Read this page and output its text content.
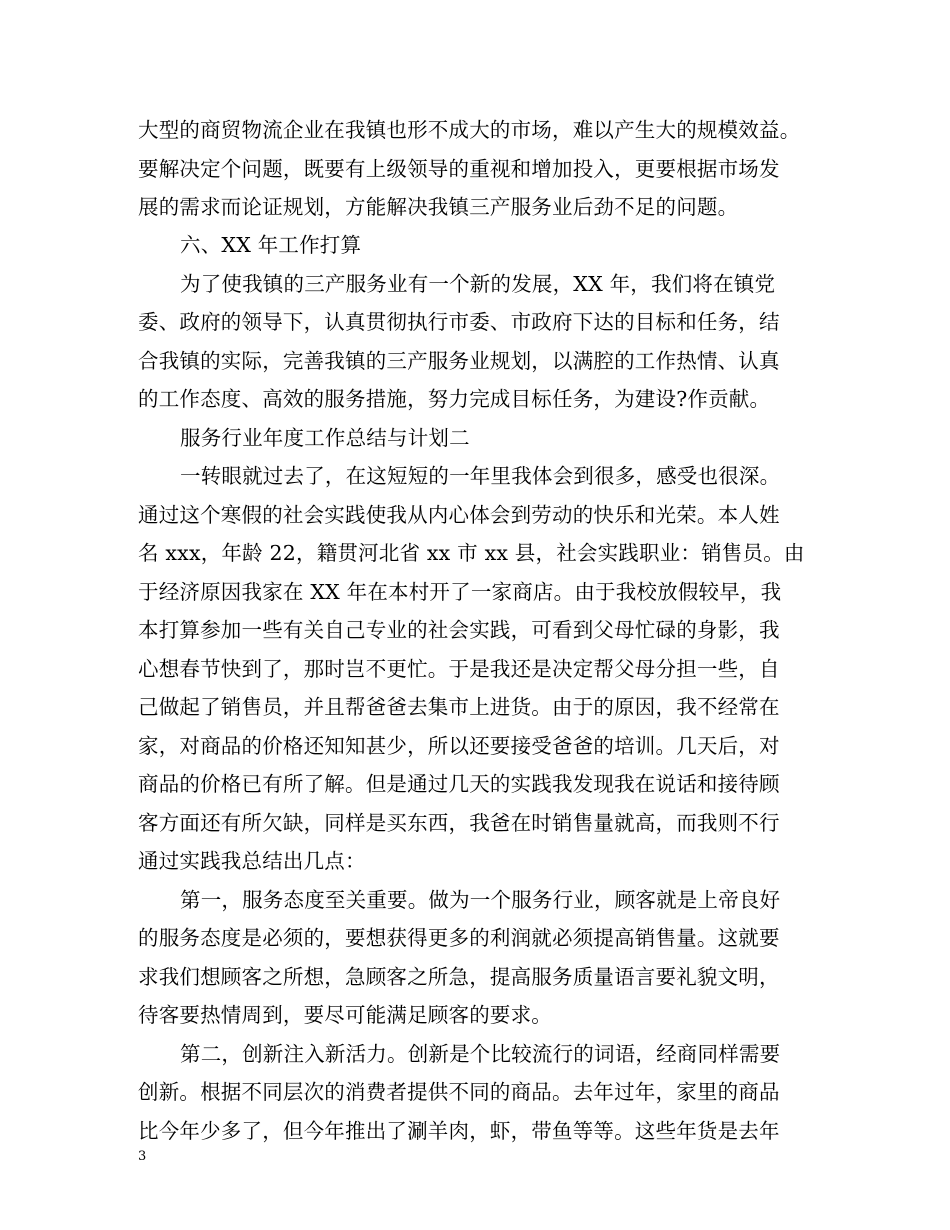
大型的商贸物流企业在我镇也形不成大的市场，难以产生大的规模效益。
要解决定个问题，既要有上级领导的重视和增加投入，更要根据市场发
展的需求而论证规划，方能解决我镇三产服务业后劲不足的问题。
六、XX 年工作打算
为了使我镇的三产服务业有一个新的发展，XX 年，我们将在镇党
委、政府的领导下，认真贯彻执行市委、市政府下达的目标和任务，结
合我镇的实际，完善我镇的三产服务业规划，以满腔的工作热情、认真
的工作态度、高效的服务措施，努力完成目标任务，为建设?作贡献。
服务行业年度工作总结与计划二
一转眼就过去了，在这短短的一年里我体会到很多，感受也很深。
通过这个寒假的社会实践使我从内心体会到劳动的快乐和光荣。本人姓
名 xxx，年龄 22，籍贯河北省 xx 市 xx 县，社会实践职业：销售员。由
于经济原因我家在 XX 年在本村开了一家商店。由于我校放假较早，我
本打算参加一些有关自己专业的社会实践，可看到父母忙碌的身影，我
心想春节快到了，那时岂不更忙。于是我还是决定帮父母分担一些，自
己做起了销售员，并且帮爸爸去集市上进货。由于的原因，我不经常在
家，对商品的价格还知知甚少，所以还要接受爸爸的培训。几天后，对
商品的价格已有所了解。但是通过几天的实践我发现我在说话和接待顾
客方面还有所欠缺，同样是买东西，我爸在时销售量就高，而我则不行
通过实践我总结出几点：
第一，服务态度至关重要。做为一个服务行业，顾客就是上帝良好
的服务态度是必须的，要想获得更多的利润就必须提高销售量。这就要
求我们想顾客之所想，急顾客之所急，提高服务质量语言要礼貌文明，
待客要热情周到，要尽可能满足顾客的要求。
第二，创新注入新活力。创新是个比较流行的词语，经商同样需要
创新。根据不同层次的消费者提供不同的商品。去年过年，家里的商品
比今年少多了，但今年推出了涮羊肉，虾，带鱼等等。这些年货是去年
3
